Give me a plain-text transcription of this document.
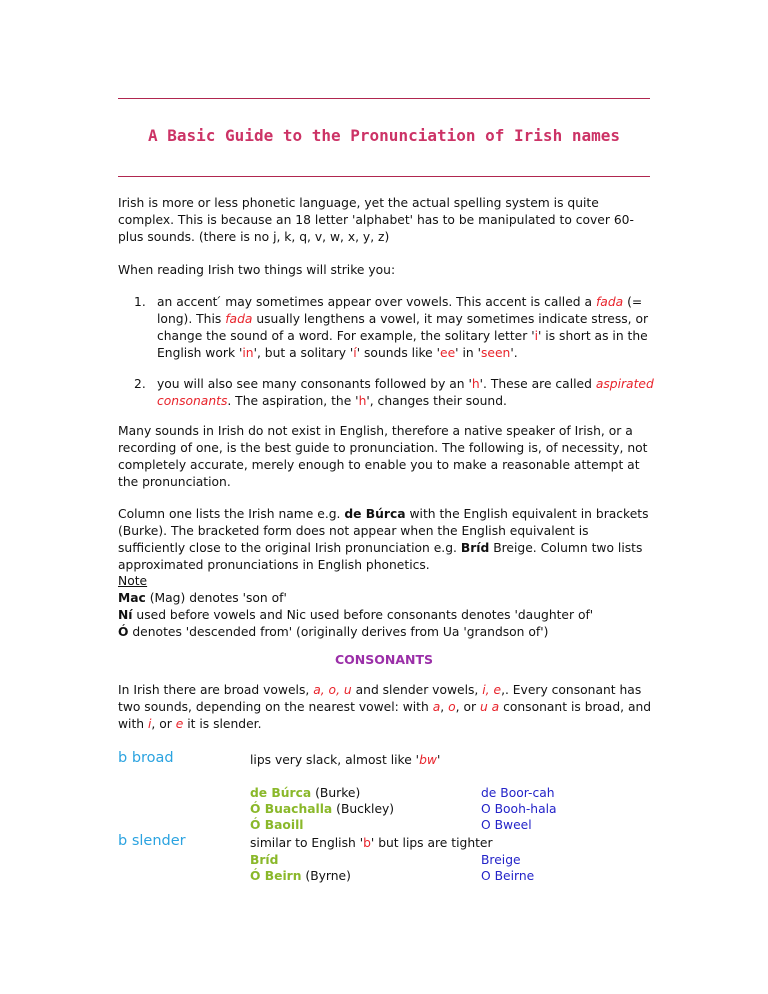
A Basic Guide to the Pronunciation of Irish names
Irish is more or less phonetic language, yet the actual spelling system is quite complex. This is because an 18 letter 'alphabet' has to be manipulated to cover 60-plus sounds. (there is no j, k, q, v, w, x, y, z)
When reading Irish two things will strike you:
1. an accent ́ may sometimes appear over vowels. This accent is called a fada (= long). This fada usually lengthens a vowel, it may sometimes indicate stress, or change the sound of a word. For example, the solitary letter 'i' is short as in the English work 'in', but a solitary 'í' sounds like 'ee' in 'seen'.
2. you will also see many consonants followed by an 'h'. These are called aspirated consonants. The aspiration, the 'h', changes their sound.
Many sounds in Irish do not exist in English, therefore a native speaker of Irish, or a recording of one, is the best guide to pronunciation. The following is, of necessity, not completely accurate, merely enough to enable you to make a reasonable attempt at the pronunciation.
Column one lists the Irish name e.g. de Búrca with the English equivalent in brackets (Burke). The bracketed form does not appear when the English equivalent is sufficiently close to the original Irish pronunciation e.g. Bríd Breige. Column two lists approximated pronunciations in English phonetics.
Note
Mac (Mag) denotes 'son of'
Ní used before vowels and Nic used before consonants denotes 'daughter of'
Ó denotes 'descended from' (originally derives from Ua 'grandson of')
CONSONANTS
In Irish there are broad vowels, a, o, u and slender vowels, i, e,. Every consonant has two sounds, depending on the nearest vowel: with a, o, or u a consonant is broad, and with i, or e it is slender.
b broad	lips very slack, almost like 'bw'
de Búrca (Burke)	de Boor-cah
Ó Buachalla (Buckley)	O Booh-hala
Ó Baoill	O Bweel
b slender	similar to English 'b' but lips are tighter
Bríd	Breige
Ó Beirn (Byrne)	O Beirne
